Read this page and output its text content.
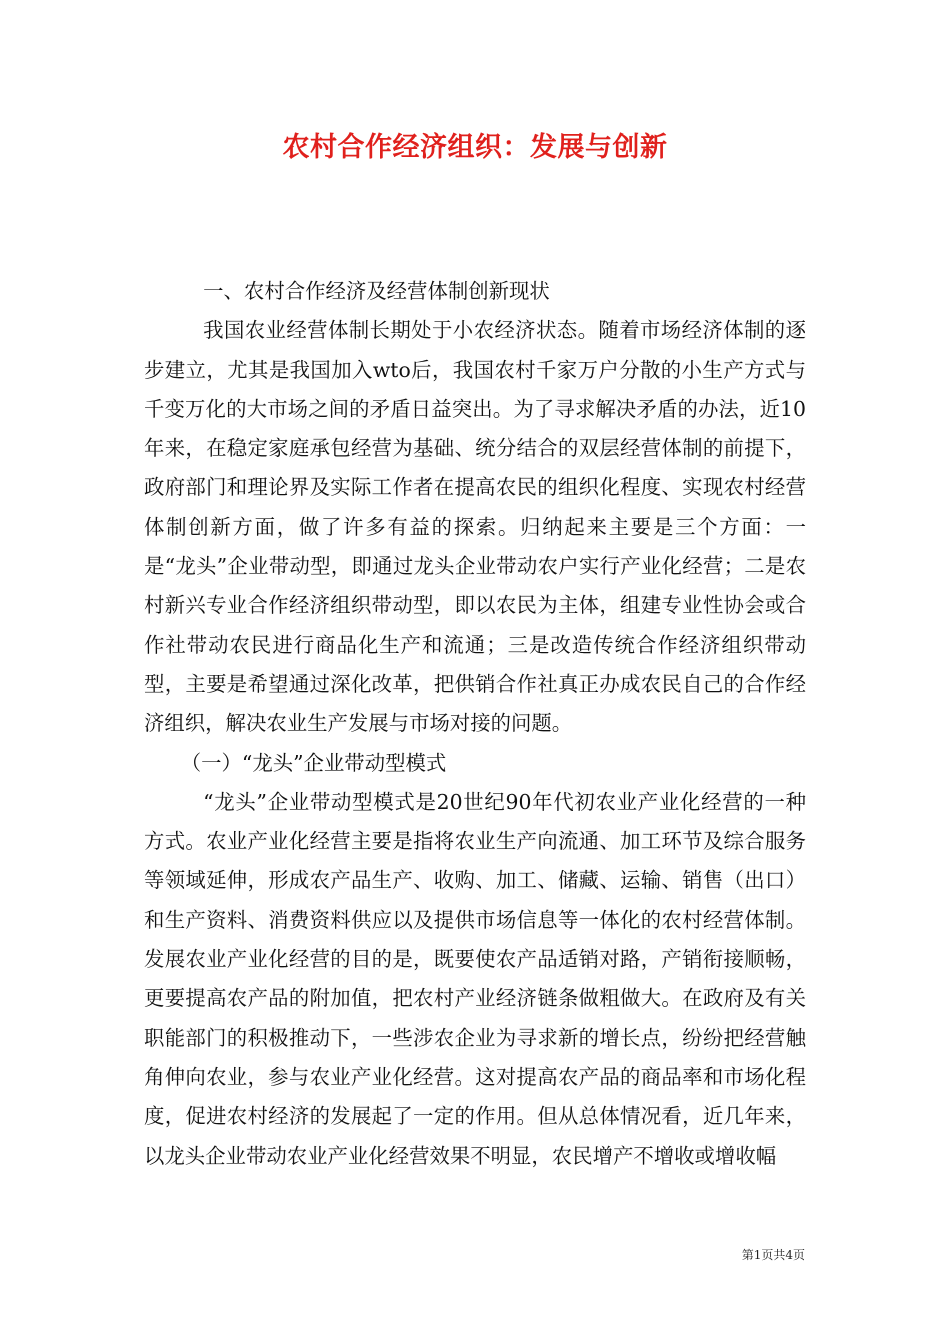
农村合作经济组织：发展与创新

一、农村合作经济及经营体制创新现状

我国农业经营体制长期处于小农经济状态。随着市场经济体制的逐步建立，尤其是我国加入wto后，我国农村千家万户分散的小生产方式与千变万化的大市场之间的矛盾日益突出。为了寻求解决矛盾的办法，近10年来，在稳定家庭承包经营为基础、统分结合的双层经营体制的前提下，政府部门和理论界及实际工作者在提高农民的组织化程度、实现农村经营体制创新方面，做了许多有益的探索。归纳起来主要是三个方面：一是“龙头”企业带动型，即通过龙头企业带动农户实行产业化经营；二是农村新兴专业合作经济组织带动型，即以农民为主体，组建专业性协会或合作社带动农民进行商品化生产和流通；三是改造传统合作经济组织带动型，主要是希望通过深化改革，把供销合作社真正办成农民自己的合作经济组织，解决农业生产发展与市场对接的问题。

（一）“龙头”企业带动型模式

“龙头”企业带动型模式是20世纪90年代初农业产业化经营的一种方式。农业产业化经营主要是指将农业生产向流通、加工环节及综合服务等领域延伸，形成农产品生产、收购、加工、储藏、运输、销售（出口）和生产资料、消费资料供应以及提供市场信息等一体化的农村经营体制。发展农业产业化经营的目的是，既要使农产品适销对路，产销衔接顺畅，更要提高农产品的附加值，把农村产业经济链条做粗做大。在政府及有关职能部门的积极推动下，一些涉农企业为寻求新的增长点，纷纷把经营触角伸向农业，参与农业产业化经营。这对提高农产品的商品率和市场化程度，促进农村经济的发展起了一定的作用。但从总体情况看，近几年来，以龙头企业带动农业产业化经营效果不明显，农民增产不增收或增收幅

第1页共4页
